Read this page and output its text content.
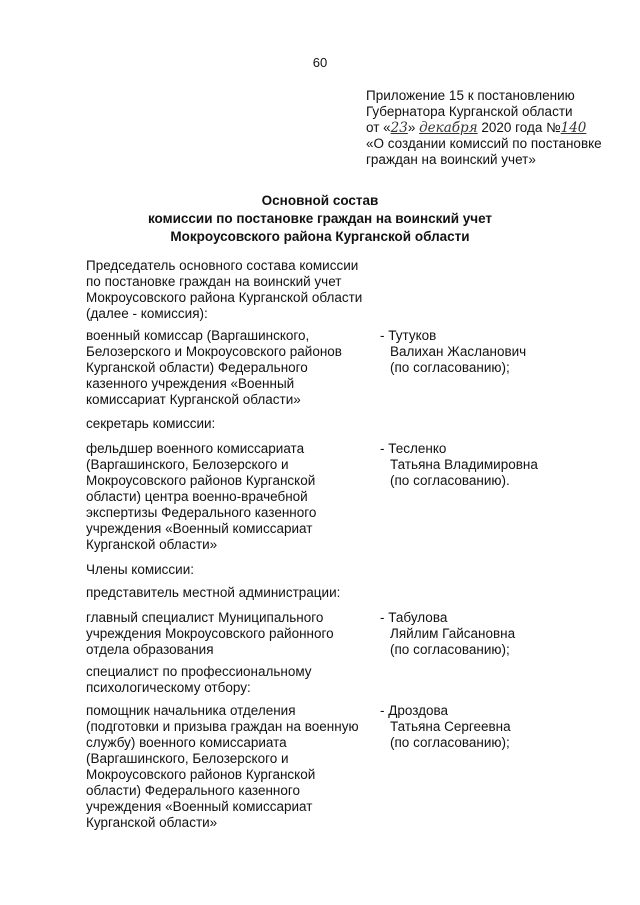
60
Приложение 15 к постановлению
Губернатора Курганской области
от «23» декабря 2020 года №140
«О создании комиссий по постановке
граждан на воинский учет»
Основной состав
комиссии по постановке граждан на воинский учет
Мокроусовского района Курганской области
Председатель основного состава комиссии
по постановке граждан на воинский учет
Мокроусовского района Курганской области
(далее - комиссия):
военный комиссар (Варгашинского,
Белозерского и Мокроусовского районов
Курганской области) Федерального
казенного учреждения «Военный
комиссариат Курганской области»
- Тутуков
Валихан Жасланович
(по согласованию);
секретарь комиссии:
фельдшер военного комиссариата
(Варгашинского, Белозерского и
Мокроусовского районов Курганской
области) центра военно-врачебной
экспертизы Федерального казенного
учреждения «Военный комиссариат
Курганской области»
- Тесленко
Татьяна Владимировна
(по согласованию).
Члены комиссии:
представитель местной администрации:
главный специалист Муниципального
учреждения Мокроусовского районного
отдела образования
- Табулова
Ляйлим Гайсановна
(по согласованию);
специалист по профессиональному
психологическому отбору:
помощник начальника отделения
(подготовки и призыва граждан на военную
службу) военного комиссариата
(Варгашинского, Белозерского и
Мокроусовского районов Курганской
области) Федерального казенного
учреждения «Военный комиссариат
Курганской области»
- Дроздова
Татьяна Сергеевна
(по согласованию);
